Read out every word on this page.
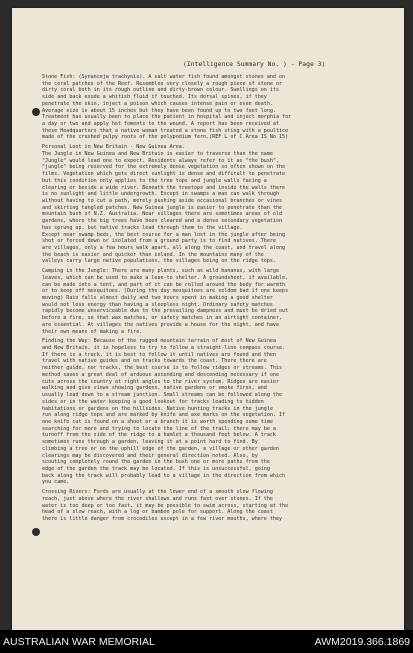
(Intelligence Summary No. ) - Page 3)
Stone Fish: (Synanceja trachynis). A salt water fish found amongst stones and on
the coral patches of the Reef. Resembles very closely a rough piece of stone or
dirty coral both in its rough outline and dirty-brown colour. Swellings on its
side and back exude a whitish fluid if touched. Its dorsal spines, if they
penetrate the skin, inject a poison which causes intense pain or even death.
Average size is about 15 inches but they have been found up to two feet long.
Treatment has usually been to place the patient in hospital and inject morphia for
a day or two and apply hot foments to the wound. A report has been received at
these Headquarters that a native woman treated a stone fish sting with a poultice
made of the crushed pulpy roots of the polypodium fern.(REF L of C Area IS No 15)
Personal Loot in New Britain - New Guinea Area.
The Jungle in New Guinea and New Britain is easier to traverse than the name
"Jungle" would lead one to expect. Residents always refer to it as "the bush",
"jungle" being reserved for the extremely dense vegetation so often shown on the
films. Vegetation which gets direct sunlight is dense and difficult to penetrate
but this condition only applies to the tree tops and jungle walls facing a
clearing or beside a wide river. Beneath the treetops and inside the walls there
is no sunlight and little undergrowth. Except in swamps a man can walk through
without having to cut a path, merely pushing aside occasional branches or vines
and skirting tangled patches. New Guinea jungle is easier to penetrate than the
mountain bush of N.Z. Australia. Near villages there are sometimes areas of old
gardens, where the big trees have been cleared and a dense secondary vegetation
has sprung up, but native tracks lead through them to the village.
Except near swamp beds, the best course for a man lost in the jungle after being
shot or forced down or isolated from a ground party is to find natives. There
are villages, only a few hours walk apart, all along the coast, and travel along
the beach is easier and quicker than inland. In the mountains many of the
valleys carry large native populations, the villages being on the ridge tops.
Camping in the Jungle: There are many plants, such as wild bananas, with large
leaves, which can be used to make a lean-to shelter. A groundsheet, if available,
can be made into a tent, and part of it can be rolled around the body for warmth
or to keep off mosquitoes. (During the day mosquitoes are seldom bad if one keeps
moving) Rain falls almost daily and two hours spent in making a good shelter
would not less energy than having a sleepless night. Ordinary safety matches
rapidly become unserviceable due to the prevailing dampness and must be dried out
before a fire, so that wax matches, or safety matches in an airtight container,
are essential. At villages the natives provide a house for the night, and have
their own means of making a fire.
Finding the Way: Because of the rugged mountain terrain of most of New Guinea
and New Britain, it is hopeless to try to follow a straight-line compass course.
If there is a track, it is best to follow it until natives are found and then
travel with native guides and on tracks towards the coast. There there are
neither guide, nor tracks, the best course is to follow ridges or streams. This
method saves a great deal of arduous ascending and descending necessary if one
cuts across the country at right angles to the river system. Ridges are easier
walking and give views showing gardens, native gardens or smoke fires, and
usually lead down to a stream junction. Small streams can be followed along the
sides or in the water keeping a good lookout for tracks leading to hidden
habitations or gardens on the hillsides. Native hunting tracks in the jungle
run along ridge tops and are marked by knife and axe marks on the vegetation. If
one knife cut is found on a shoot or a branch it is worth spending some time
searching for more and trying to locate the line of the trail; there may be a
turnoff from the side of the ridge to a hamlet a thousand feet below. A track
sometimes runs through a garden, leaving it at a point hard to find. By
climbing a tree or on the uphill edge of the garden, a village or other garden
clearings may be discovered and their general direction noted. Also, by
scouting completely round the garden in the bush one or more paths from the
edge of the garden the track may be located. If this is unsuccessful, going
back along the track will probably lead to a village in the direction from which
you came.
Crossing Rivers: Fords are usually at the lower end of a smooth slow flowing
reach, just above where the river shallows and runs fast over stones. If the
water is too deep or too fast, it may be possible to swim across, starting at the
head of a slow reach, with a log or bamboo pole for support. Along the coast
there is little danger from crocodiles except in a few river mouths, where they
AUSTRALIAN WAR MEMORIAL	AWM2019.366.1869
